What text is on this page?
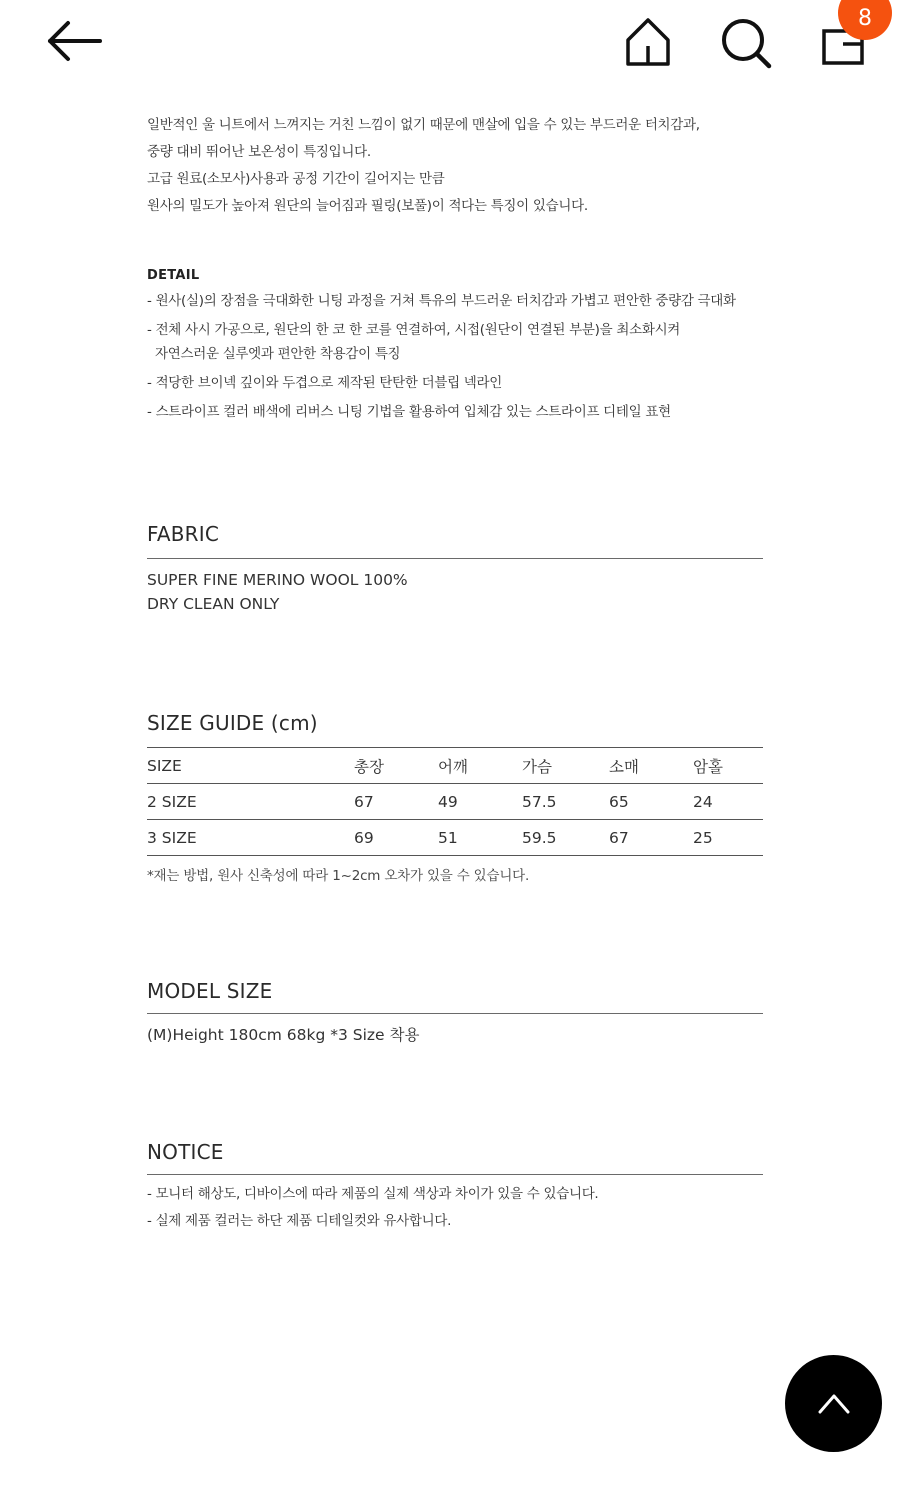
8

일반적인 울 니트에서 느껴지는 거친 느낌이 없기 때문에 맨살에 입을 수 있는 부드러운 터치감과,

중량 대비 뛰어난 보온성이 특징입니다.

고급 원료(소모사)사용과 공정 기간이 길어지는 만큼

원사의 밀도가 높아져 원단의 늘어짐과 필링(보풀)이 적다는 특징이 있습니다.

DETAIL

- 원사(실)의 장점을 극대화한 니팅 과정을 거쳐 특유의 부드러운 터치감과 가볍고 편안한 중량감 극대화

- 전체 사시 가공으로, 원단의 한 코 한 코를 연결하여, 시접(원단이 연결된 부분)을 최소화시켜

자연스러운 실루엣과 편안한 착용감이 특징

- 적당한 브이넥 깊이와 두겹으로 제작된 탄탄한 더블립 넥라인

- 스트라이프 컬러 배색에 리버스 니팅 기법을 활용하여 입체감 있는 스트라이프 디테일 표현

FABRIC

SUPER FINE MERINO WOOL 100%

DRY CLEAN ONLY

SIZE GUIDE (cm)
SIZE	총장	어깨	가슴	소매	암홀
2 SIZE	67	49	57.5	65	24
3 SIZE	69	51	59.5	67	25

*재는 방법, 원사 신축성에 따라 1~2cm 오차가 있을 수 있습니다.

MODEL SIZE

(M)Height 180cm 68kg *3 Size 착용

NOTICE

- 모니터 해상도, 디바이스에 따라 제품의 실제 색상과 차이가 있을 수 있습니다.

- 실제 제품 컬러는 하단 제품 디테일컷와 유사합니다.
